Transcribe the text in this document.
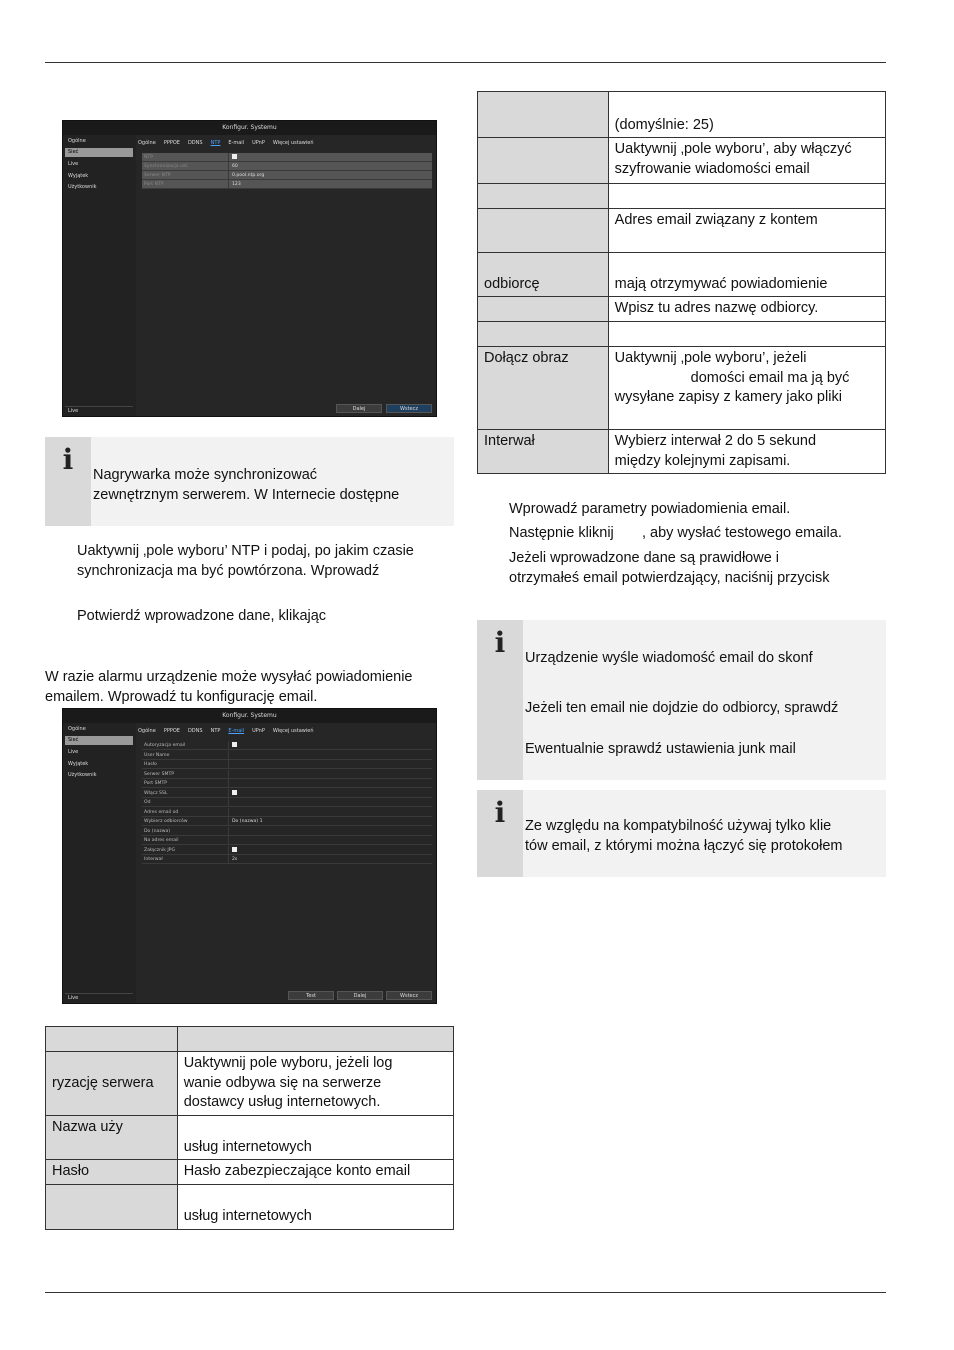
Konfigur. Systemu
Ogólne
Sieć
Live
Wyjątek
Użytkownik
Live
Ogólne PPPOE DDNS NTP E-mail UPnP Więcej ustawień
NTP
Synchronizacja ust.	60
Serwer NTP	0.pool.ntp.org
Port NTP	123
Dalej	Wstecz
i	Nagrywarka może synchronizować
zewnętrznym serwerem. W Internecie dostępne
Uaktywnij ‚pole wyboru’ NTP i podaj, po jakim czasie
synchronizacja ma być powtórzona. Wprowadź
Potwierdź wprowadzone dane, klikając
W razie alarmu urządzenie może wysyłać powiadomienie
emailem. Wprowadź tu konfigurację email.
Konfigur. Systemu
Ogólne
Sieć
Live
Wyjątek
Użytkownik
Live
Ogólne PPPOE DDNS NTP E-mail UPnP Więcej ustawień
Autoryzacja email
User Name
Hasło
Serwer SMTP
Port SMTP
Włącz SSL
Od
Adres email od
Wybierz odbiorców	Do (nazwa) 1
Do (nazwa)
Na adres email
Załącznik JPG
Interwał	2s
Test	Dalej	Wstecz

ryzację serwera	Uaktywnij pole wyboru, jeżeli log
wanie odbywa się na serwerze
dostawcy usług internetowych.

Nazwa uży	usług internetowych

Hasło	Hasło zabezpieczające konto email

	usług internetowych

	(domyślnie: 25)

	Uaktywnij ‚pole wyboru’, aby włączyć
szyfrowanie wiadomości email

	Adres email związany z kontem

odbiorcę	mają otrzymywać powiadomienie

	Wpisz tu adres nazwę odbiorcy.

Dołącz obraz	Uaktywnij ‚pole wyboru’, jeżeli
domości email ma ją być
wysyłane zapisy z kamery jako pliki

Interwał	Wybierz interwał 2 do 5 sekund
między kolejnymi zapisami.
Wprowadź parametry powiadomienia email.
Następnie kliknij       , aby wysłać testowego emaila.
Jeżeli wprowadzone dane są prawidłowe i
otrzymałeś email potwierdzający, naciśnij przycisk
i	Urządzenie wyśle wiadomość email do skonf
Jeżeli ten email nie dojdzie do odbiorcy, sprawdź
Ewentualnie sprawdź ustawienia junk mail
i	Ze względu na kompatybilność używaj tylko klie
tów email, z którymi można łączyć się protokołem
